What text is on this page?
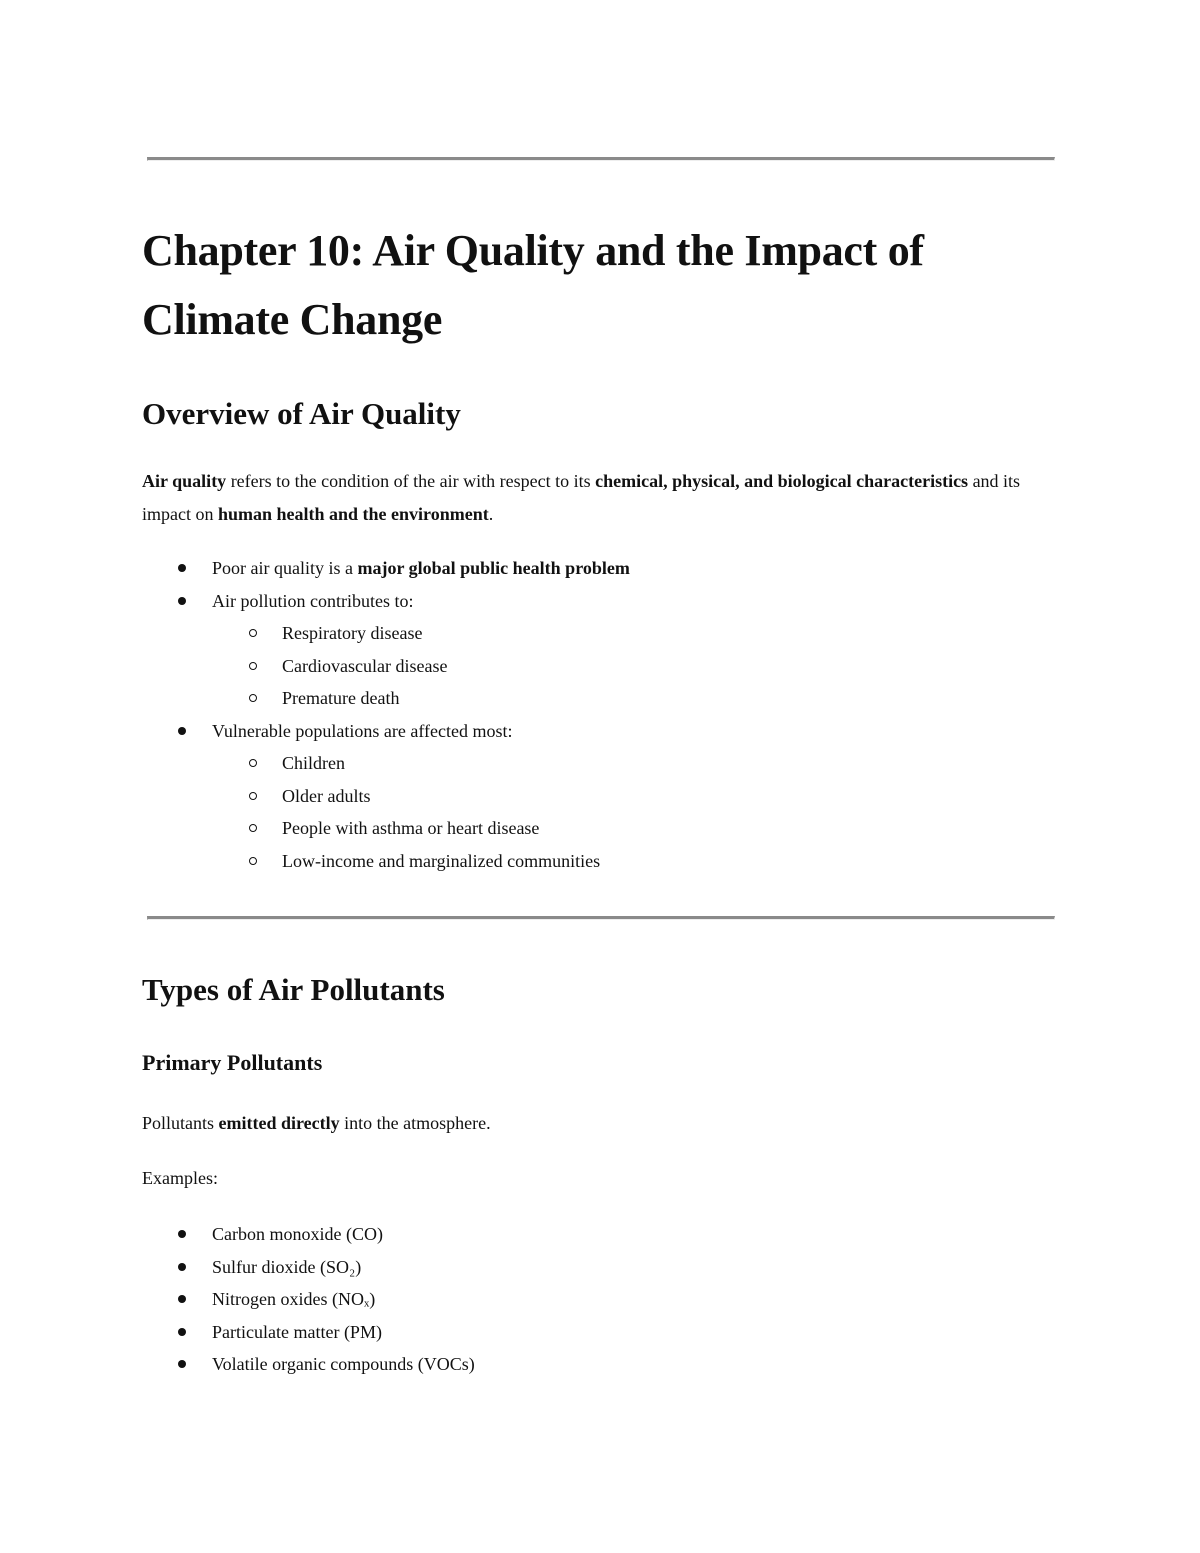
Chapter 10: Air Quality and the Impact of Climate Change
Overview of Air Quality

Air quality refers to the condition of the air with respect to its chemical, physical, and biological characteristics and its impact on human health and the environment.

Poor air quality is a major global public health problem
Air pollution contributes to:
Respiratory disease
Cardiovascular disease
Premature death
Vulnerable populations are affected most:
Children
Older adults
People with asthma or heart disease
Low-income and marginalized communities
Types of Air Pollutants
Primary Pollutants

Pollutants emitted directly into the atmosphere.

Examples:

Carbon monoxide (CO)
Sulfur dioxide (SO₂)
Nitrogen oxides (NOₓ)
Particulate matter (PM)
Volatile organic compounds (VOCs)
